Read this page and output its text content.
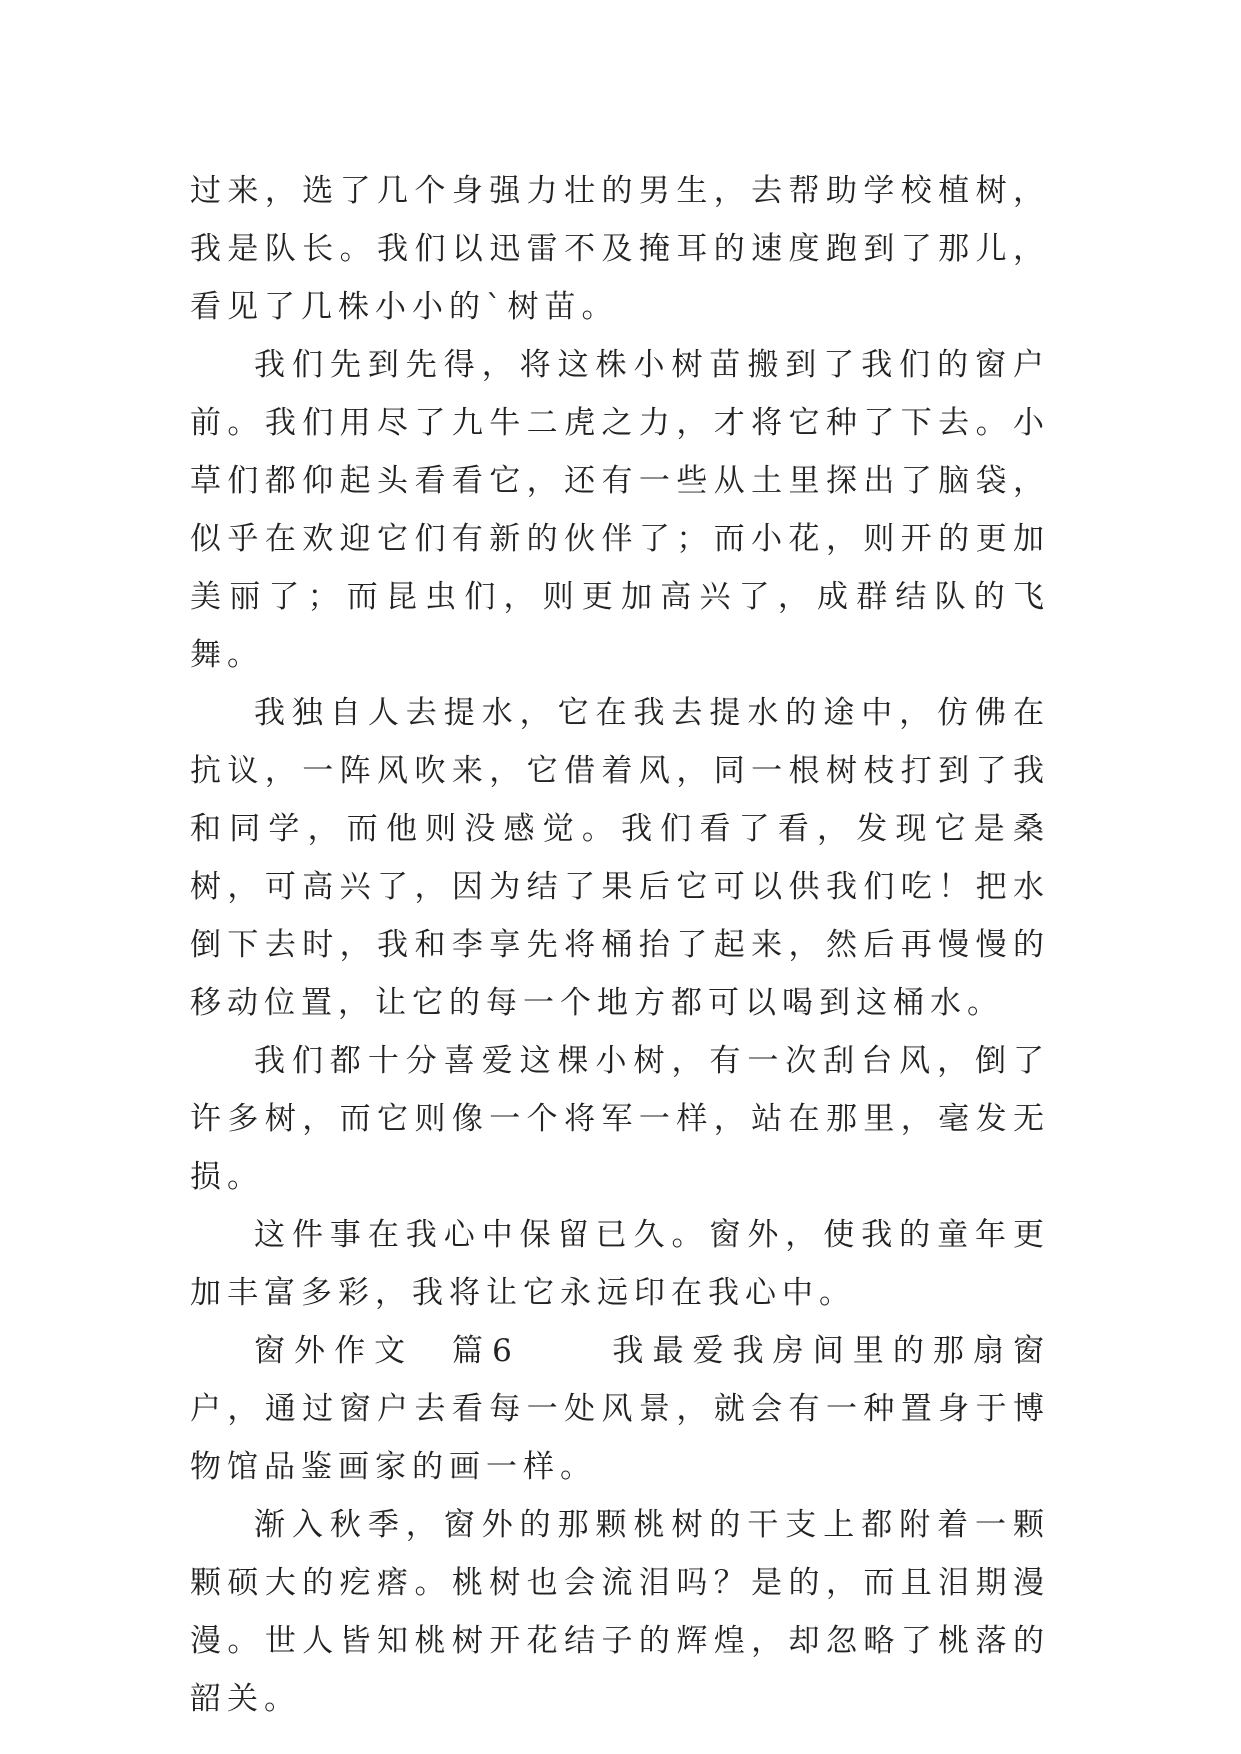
过来，选了几个身强力壮的男生，去帮助学校植树，我是队长。我们以迅雷不及掩耳的速度跑到了那儿，看见了几株小小的`树苗。

我们先到先得，将这株小树苗搬到了我们的窗户前。我们用尽了九牛二虎之力，才将它种了下去。小草们都仰起头看看它，还有一些从土里探出了脑袋，似乎在欢迎它们有新的伙伴了；而小花，则开的更加美丽了；而昆虫们，则更加高兴了，成群结队的飞舞。

我独自人去提水，它在我去提水的途中，仿佛在抗议，一阵风吹来，它借着风，同一根树枝打到了我和同学，而他则没感觉。我们看了看，发现它是桑树，可高兴了，因为结了果后它可以供我们吃！把水倒下去时，我和李享先将桶抬了起来，然后再慢慢的移动位置，让它的每一个地方都可以喝到这桶水。

我们都十分喜爱这棵小树，有一次刮台风，倒了许多树，而它则像一个将军一样，站在那里，毫发无损。

这件事在我心中保留已久。窗外，使我的童年更加丰富多彩，我将让它永远印在我心中。

窗外作文  篇6     我最爱我房间里的那扇窗户，通过窗户去看每一处风景，就会有一种置身于博物馆品鉴画家的画一样。

渐入秋季，窗外的那颗桃树的干支上都附着一颗颗硕大的疙瘩。桃树也会流泪吗？是的，而且泪期漫漫。世人皆知桃树开花结子的辉煌，却忽略了桃落的韶关。
